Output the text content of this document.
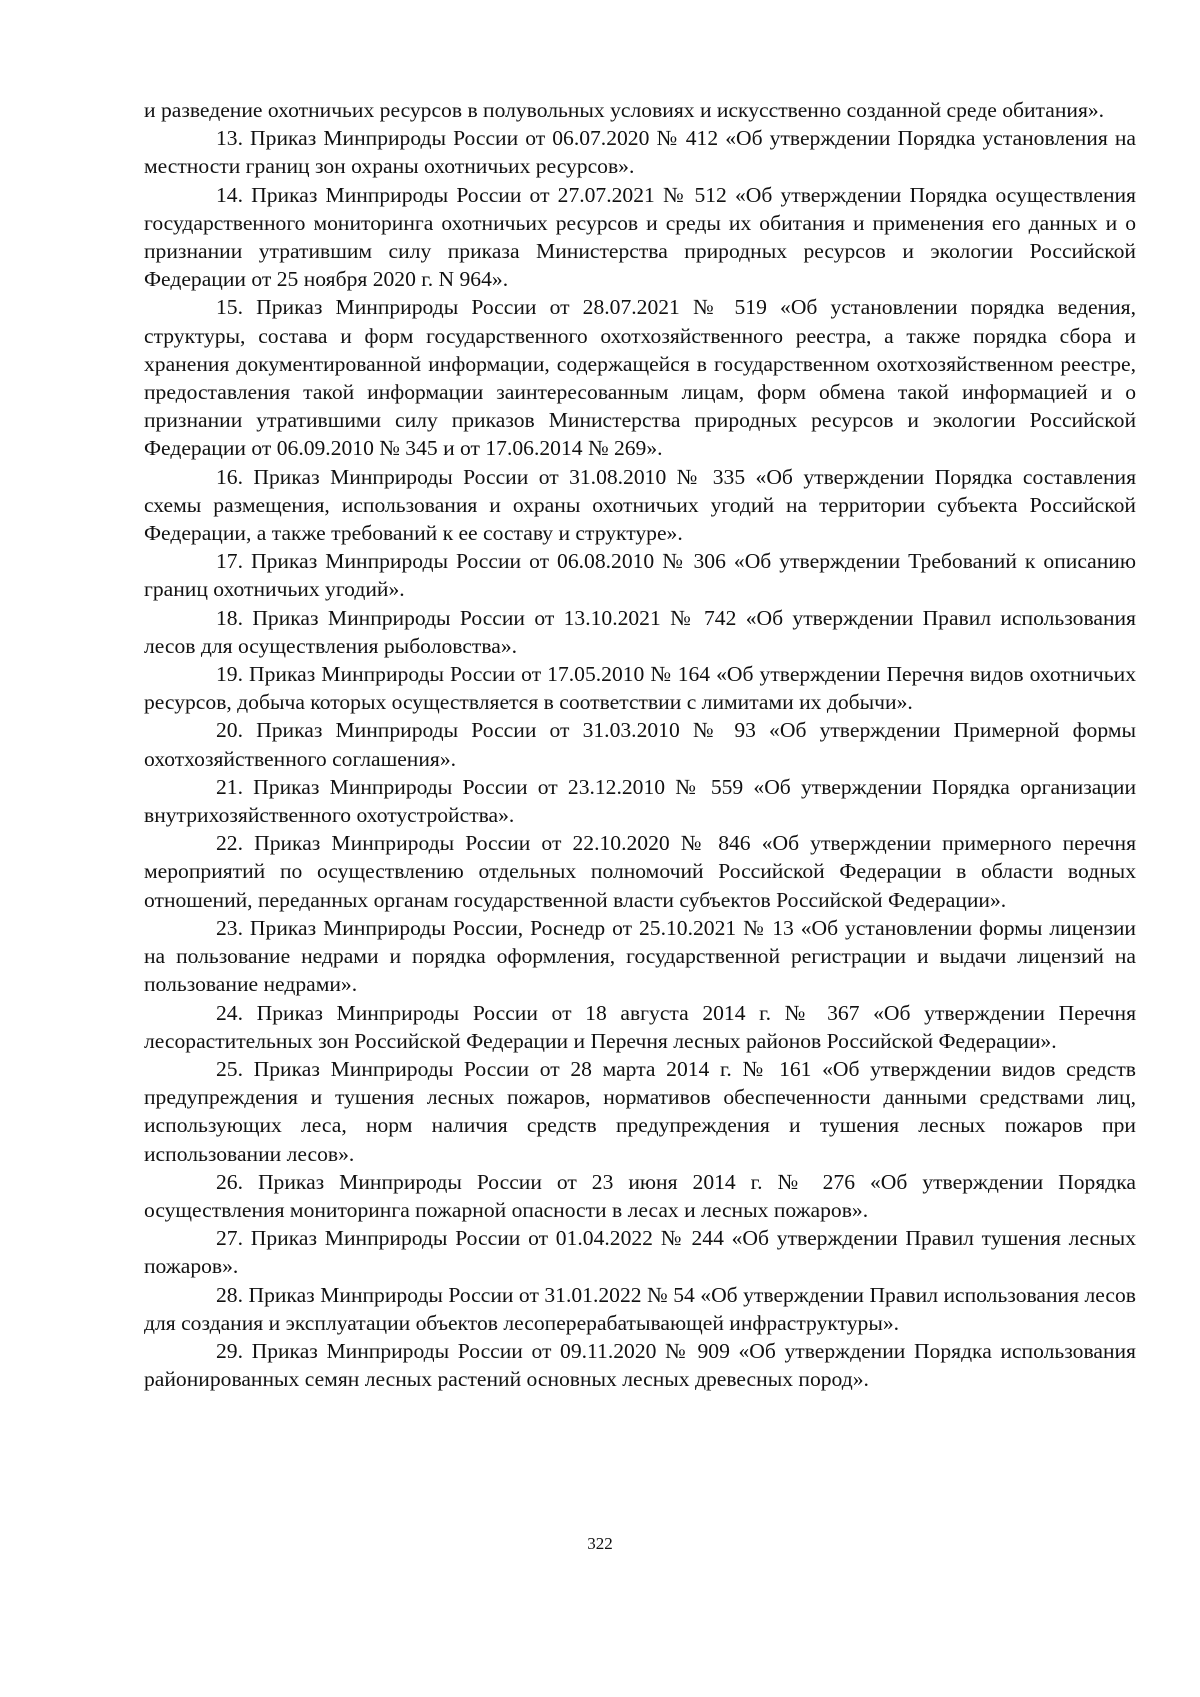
и разведение охотничьих ресурсов в полувольных условиях и искусственно созданной среде обитания».

13. Приказ Минприроды России от 06.07.2020 № 412 «Об утверждении Порядка установления на местности границ зон охраны охотничьих ресурсов».

14. Приказ Минприроды России от 27.07.2021 № 512 «Об утверждении Порядка осуществления государственного мониторинга охотничьих ресурсов и среды их обитания и применения его данных и о признании утратившим силу приказа Министерства природных ресурсов и экологии Российской Федерации от 25 ноября 2020 г. N 964».

15. Приказ Минприроды России от 28.07.2021 № 519 «Об установлении порядка ведения, структуры, состава и форм государственного охотхозяйственного реестра, а также порядка сбора и хранения документированной информации, содержащейся в государственном охотхозяйственном реестре, предоставления такой информации заинтересованным лицам, форм обмена такой информацией и о признании утратившими силу приказов Министерства природных ресурсов и экологии Российской Федерации от 06.09.2010 № 345 и от 17.06.2014 № 269».

16. Приказ Минприроды России от 31.08.2010 № 335 «Об утверждении Порядка составления схемы размещения, использования и охраны охотничьих угодий на территории субъекта Российской Федерации, а также требований к ее составу и структуре».

17. Приказ Минприроды России от 06.08.2010 № 306 «Об утверждении Требований к описанию границ охотничьих угодий».

18. Приказ Минприроды России от 13.10.2021 № 742 «Об утверждении Правил использования лесов для осуществления рыболовства».

19. Приказ Минприроды России от 17.05.2010 № 164 «Об утверждении Перечня видов охотничьих ресурсов, добыча которых осуществляется в соответствии с лимитами их добычи».

20. Приказ Минприроды России от 31.03.2010 № 93 «Об утверждении Примерной формы охотхозяйственного соглашения».

21. Приказ Минприроды России от 23.12.2010 № 559 «Об утверждении Порядка организации внутрихозяйственного охотустройства».

22. Приказ Минприроды России от 22.10.2020 № 846 «Об утверждении примерного перечня мероприятий по осуществлению отдельных полномочий Российской Федерации в области водных отношений, переданных органам государственной власти субъектов Российской Федерации».

23. Приказ Минприроды России, Роснедр от 25.10.2021 № 13 «Об установлении формы лицензии на пользование недрами и порядка оформления, государственной регистрации и выдачи лицензий на пользование недрами».

24. Приказ Минприроды России от 18 августа 2014 г. № 367 «Об утверждении Перечня лесорастительных зон Российской Федерации и Перечня лесных районов Российской Федерации».

25. Приказ Минприроды России от 28 марта 2014 г. № 161 «Об утверждении видов средств предупреждения и тушения лесных пожаров, нормативов обеспеченности данными средствами лиц, использующих леса, норм наличия средств предупреждения и тушения лесных пожаров при использовании лесов».

26. Приказ Минприроды России от 23 июня 2014 г. № 276 «Об утверждении Порядка осуществления мониторинга пожарной опасности в лесах и лесных пожаров».

27. Приказ Минприроды России от 01.04.2022 № 244 «Об утверждении Правил тушения лесных пожаров».

28. Приказ Минприроды России от 31.01.2022 № 54 «Об утверждении Правил использования лесов для создания и эксплуатации объектов лесоперерабатывающей инфраструктуры».

29. Приказ Минприроды России от 09.11.2020 № 909 «Об утверждении Порядка использования районированных семян лесных растений основных лесных древесных пород».

322
